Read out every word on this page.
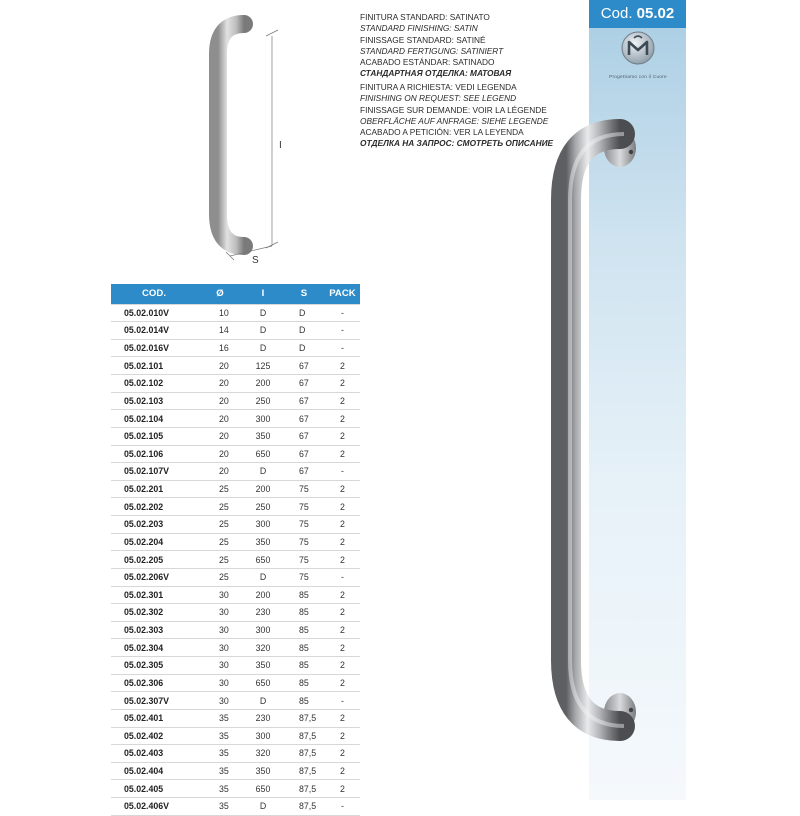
Cod. 05.02
Progettiamo con il Cuore
FINITURA STANDARD: SATINATO
STANDARD FINISHING: SATIN
FINISSAGE STANDARD: SATINÉ
STANDARD FERTIGUNG: SATINIERT
ACABADO ESTÁNDAR: SATINADO
СТАНДАРТНАЯ ОТДЕЛКА: МАТОВАЯ
FINITURA A RICHIESTA: VEDI LEGENDA
FINISHING ON REQUEST: SEE LEGEND
FINISSAGE SUR DEMANDE: VOIR LA LÉGENDE
OBERFLÄCHE AUF ANFRAGE: SIEHE LEGENDE
ACABADO A PETICIÓN: VER LA LEYENDA
ОТДЕЛКА НА ЗАПРОС: СМОТРЕТЬ ОПИСАНИЕ
I
S
COD.	Ø	I	S	PACK
05.02.010V	10	D	D	-
05.02.014V	14	D	D	-
05.02.016V	16	D	D	-
05.02.101	20	125	67	2
05.02.102	20	200	67	2
05.02.103	20	250	67	2
05.02.104	20	300	67	2
05.02.105	20	350	67	2
05.02.106	20	650	67	2
05.02.107V	20	D	67	-
05.02.201	25	200	75	2
05.02.202	25	250	75	2
05.02.203	25	300	75	2
05.02.204	25	350	75	2
05.02.205	25	650	75	2
05.02.206V	25	D	75	-
05.02.301	30	200	85	2
05.02.302	30	230	85	2
05.02.303	30	300	85	2
05.02.304	30	320	85	2
05.02.305	30	350	85	2
05.02.306	30	650	85	2
05.02.307V	30	D	85	-
05.02.401	35	230	87,5	2
05.02.402	35	300	87,5	2
05.02.403	35	320	87,5	2
05.02.404	35	350	87,5	2
05.02.405	35	650	87,5	2
05.02.406V	35	D	87,5	-
